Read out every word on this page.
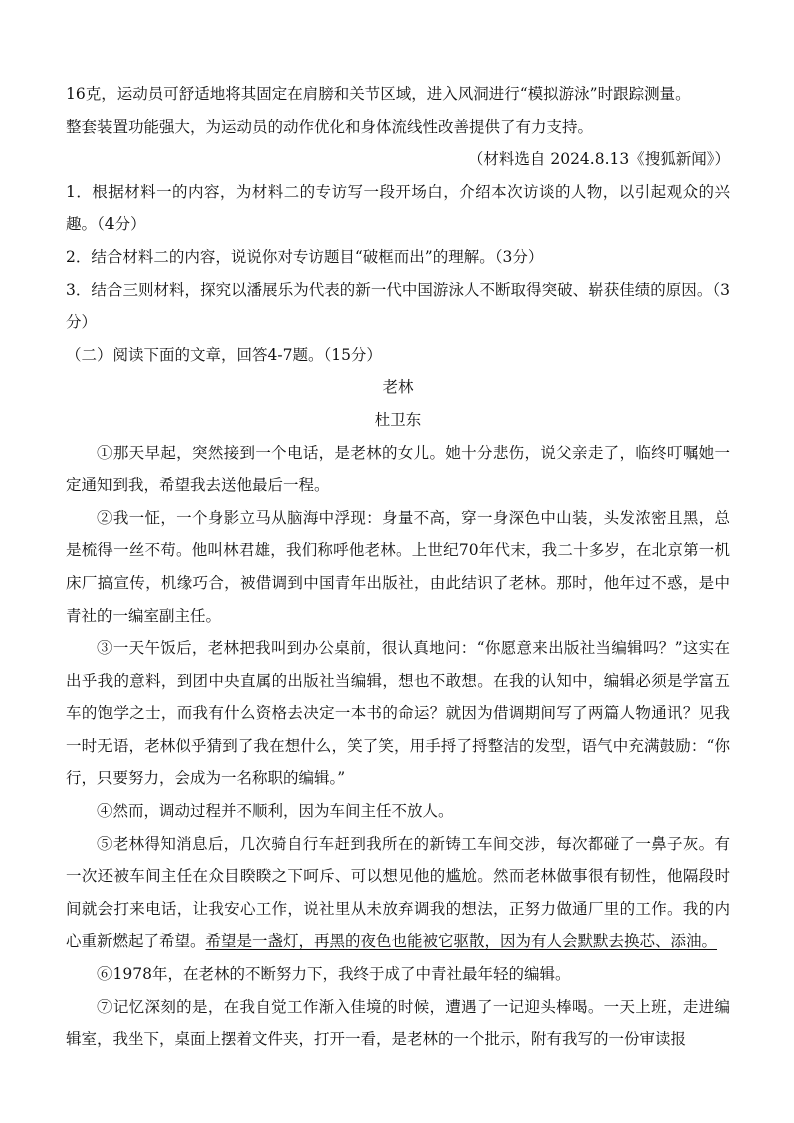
16克，运动员可舒适地将其固定在肩膀和关节区域，进入风洞进行“模拟游泳”时跟踪测量。

整套装置功能强大，为运动员的动作优化和身体流线性改善提供了有力支持。

（材料选自 2024.8.13《搜狐新闻》）

1．根据材料一的内容，为材料二的专访写一段开场白，介绍本次访谈的人物，以引起观众的兴趣。（4分）

2．结合材料二的内容，说说你对专访题目“破框而出”的理解。（3分）

3．结合三则材料，探究以潘展乐为代表的新一代中国游泳人不断取得突破、崭获佳绩的原因。（3分）

（二）阅读下面的文章，回答4-7题。（15分）

老林

杜卫东

①那天早起，突然接到一个电话，是老林的女儿。她十分悲伤，说父亲走了，临终叮嘱她一定通知到我，希望我去送他最后一程。

②我一怔，一个身影立马从脑海中浮现：身量不高，穿一身深色中山装，头发浓密且黑，总是梳得一丝不苟。他叫林君雄，我们称呼他老林。上世纪70年代末，我二十多岁，在北京第一机床厂搞宣传，机缘巧合，被借调到中国青年出版社，由此结识了老林。那时，他年过不惑，是中青社的一编室副主任。

③一天午饭后，老林把我叫到办公桌前，很认真地问：“你愿意来出版社当编辑吗？”这实在出乎我的意料，到团中央直属的出版社当编辑，想也不敢想。在我的认知中，编辑必须是学富五车的饱学之士，而我有什么资格去决定一本书的命运？就因为借调期间写了两篇人物通讯？见我一时无语，老林似乎猜到了我在想什么，笑了笑，用手捋了捋整洁的发型，语气中充满鼓励：“你行，只要努力，会成为一名称职的编辑。”

④然而，调动过程并不顺利，因为车间主任不放人。

⑤老林得知消息后，几次骑自行车赶到我所在的新铸工车间交涉，每次都碰了一鼻子灰。有一次还被车间主任在众目睽睽之下呵斥、可以想见他的尴尬。然而老林做事很有韧性，他隔段时间就会打来电话，让我安心工作，说社里从未放弃调我的想法，正努力做通厂里的工作。我的内心重新燃起了希望。希望是一盏灯，再黑的夜色也能被它驱散，因为有人会默默去换芯、添油。

⑥1978年，在老林的不断努力下，我终于成了中青社最年轻的编辑。

⑦记忆深刻的是，在我自觉工作渐入佳境的时候，遭遇了一记迎头棒喝。一天上班，走进编辑室，我坐下，桌面上摆着文件夹，打开一看，是老林的一个批示，附有我写的一份审读报
